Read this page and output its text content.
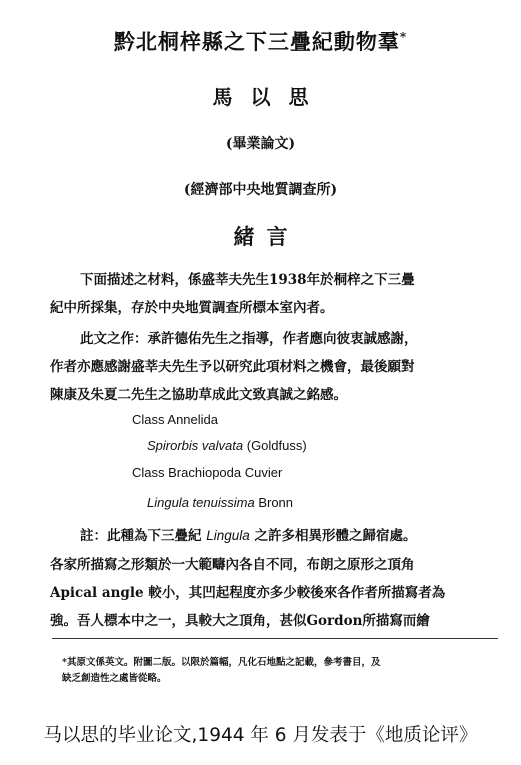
黔北桐梓縣之下三疊紀動物羣*
馬以思
(畢業論文)
(經濟部中央地質調查所)
緒言
下面描述之材料，係盛莘夫先生1938年於桐梓之下三疊
紀中所採集，存於中央地質調查所標本室內者。
此文之作：承許德佑先生之指導，作者應向彼衷誠感謝，
作者亦應感謝盛莘夫先生予以研究此項材料之機會，最後願對
陳康及朱夏二先生之協助草成此文致真誠之銘感。
Class Annelida
Spirorbis valvata (Goldfuss)
Class Brachiopoda Cuvier
Lingula tenuissima Bronn
註：此種為下三疊紀 Lingula 之許多相異形體之歸宿處。
各家所描寫之形類於一大範疇內各自不同，布朗之原形之頂角
Apical angle 較小，其凹起程度亦多少較後來各作者所描寫者為
強。吾人標本中之一，具較大之頂角，甚似Gordon所描寫而繪
*其原文係英文。附圖二版。以限於篇幅，凡化石地點之記載，參考書目，及
缺乏創造性之處皆從略。
马以思的毕业论文,1944 年 6 月发表于《地质论评》
